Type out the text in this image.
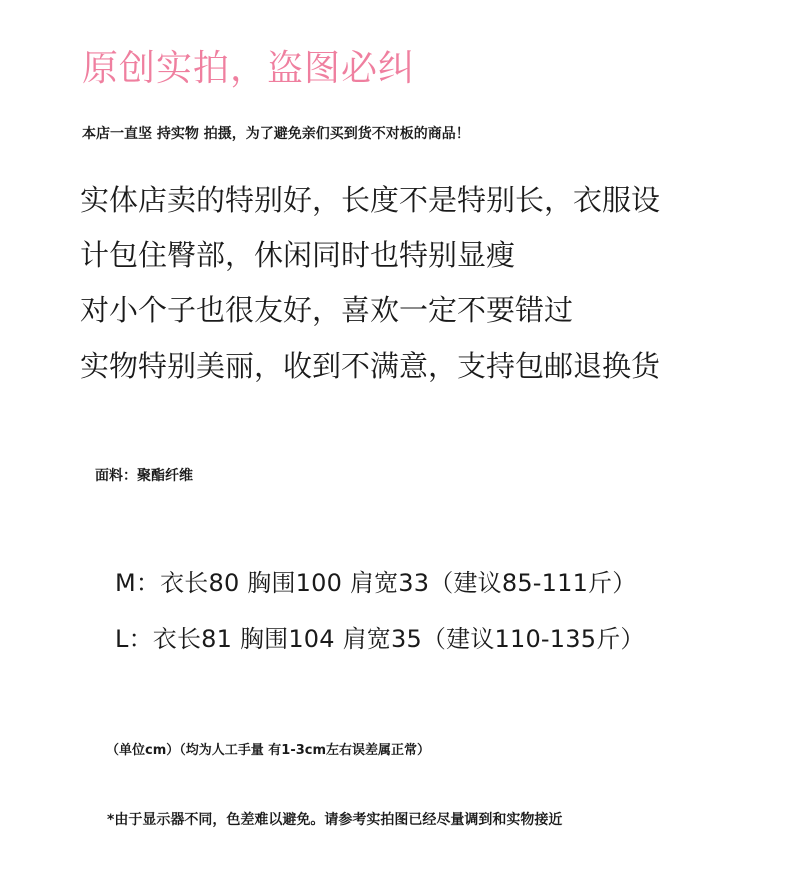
原创实拍，盗图必纠

本店一直坚 持实物 拍摄，为了避免亲们买到货不对板的商品！

实体店卖的特别好，长度不是特别长，衣服设

计包住臀部，休闲同时也特别显瘦

对小个子也很友好，喜欢一定不要错过

实物特别美丽，收到不满意，支持包邮退换货

面料：聚酯纤维

M：衣长80 胸围100 肩宽33（建议85-111斤）

L：衣长81 胸围104 肩宽35（建议110-135斤）

（单位cm）（均为人工手量 有1-3cm左右误差属正常）

*由于显示器不同，色差难以避免。请参考实拍图已经尽量调到和实物接近
